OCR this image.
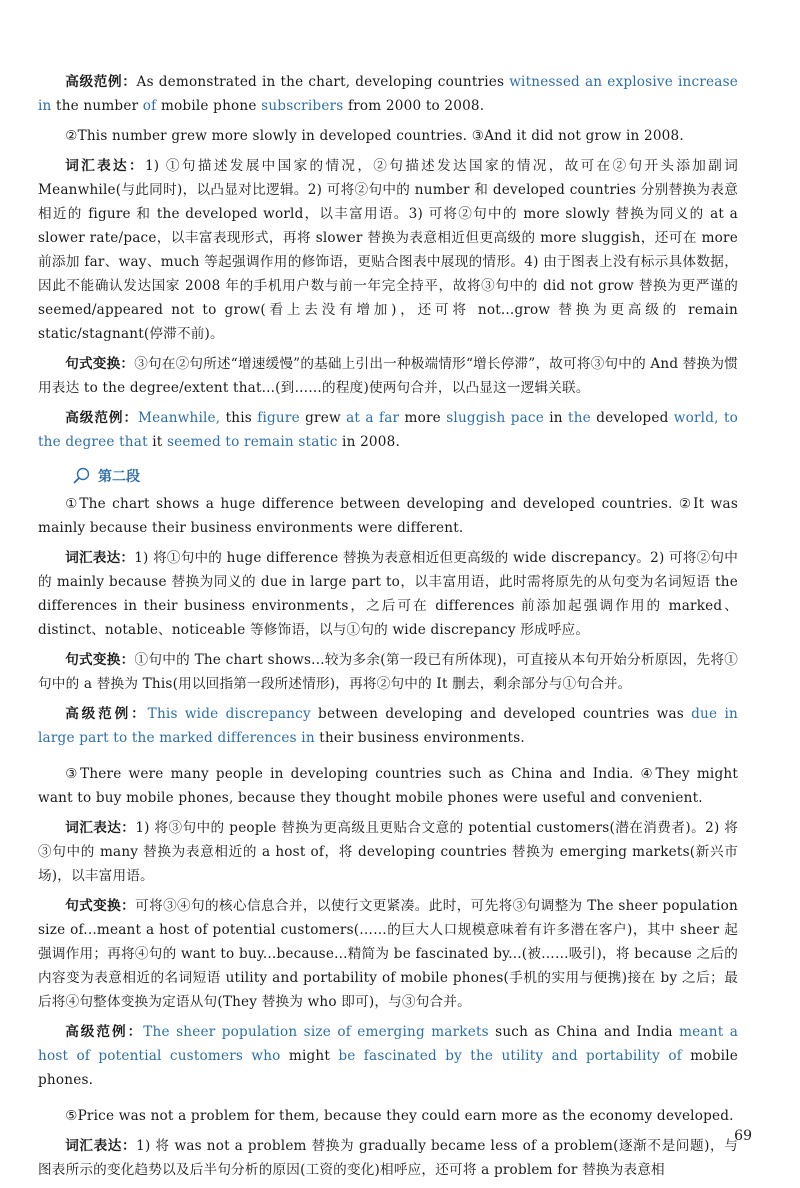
高级范例：As demonstrated in the chart, developing countries witnessed an explosive increase in the number of mobile phone subscribers from 2000 to 2008.

②This number grew more slowly in developed countries. ③And it did not grow in 2008.

词汇表达：1) ①句描述发展中国家的情况，②句描述发达国家的情况，故可在②句开头添加副词Meanwhile(与此同时)，以凸显对比逻辑。2) 可将②句中的 number 和 developed countries 分别替换为表意相近的 figure 和 the developed world，以丰富用语。3) 可将②句中的 more slowly 替换为同义的 at a slower rate/pace，以丰富表现形式，再将 slower 替换为表意相近但更高级的 more sluggish，还可在 more 前添加 far、way、much 等起强调作用的修饰语，更贴合图表中展现的情形。4) 由于图表上没有标示具体数据，因此不能确认发达国家 2008 年的手机用户数与前一年完全持平，故将③句中的 did not grow 替换为更严谨的 seemed/appeared not to grow(看上去没有增加)，还可将 not...grow 替换为更高级的 remain static/stagnant(停滞不前)。

句式变换：③句在②句所述“增速缓慢”的基础上引出一种极端情形“增长停滞”，故可将③句中的 And 替换为惯用表达 to the degree/extent that...(到……的程度)使两句合并，以凸显这一逻辑关联。

高级范例：Meanwhile, this figure grew at a far more sluggish pace in the developed world, to the degree that it seemed to remain static in 2008.

第二段

①The chart shows a huge difference between developing and developed countries. ②It was mainly because their business environments were different.

词汇表达：1) 将①句中的 huge difference 替换为表意相近但更高级的 wide discrepancy。2) 可将②句中的 mainly because 替换为同义的 due in large part to，以丰富用语，此时需将原先的从句变为名词短语 the differences in their business environments，之后可在 differences 前添加起强调作用的 marked、distinct、notable、noticeable 等修饰语，以与①句的 wide discrepancy 形成呼应。

句式变换：①句中的 The chart shows...较为多余(第一段已有所体现)，可直接从本句开始分析原因，先将①句中的 a 替换为 This(用以回指第一段所述情形)，再将②句中的 It 删去，剩余部分与①句合并。

高级范例：This wide discrepancy between developing and developed countries was due in large part to the marked differences in their business environments.

③There were many people in developing countries such as China and India. ④They might want to buy mobile phones, because they thought mobile phones were useful and convenient.

词汇表达：1) 将③句中的 people 替换为更高级且更贴合文意的 potential customers(潜在消费者)。2) 将③句中的 many 替换为表意相近的 a host of，将 developing countries 替换为 emerging markets(新兴市场)，以丰富用语。

句式变换：可将③④句的核心信息合并，以使行文更紧凑。此时，可先将③句调整为 The sheer population size of...meant a host of potential customers(……的巨大人口规模意味着有许多潜在客户)，其中 sheer 起强调作用；再将④句的 want to buy...because...精简为 be fascinated by...(被……吸引)，将 because 之后的内容变为表意相近的名词短语 utility and portability of mobile phones(手机的实用与便携)接在 by 之后；最后将④句整体变换为定语从句(They 替换为 who 即可)，与③句合并。

高级范例：The sheer population size of emerging markets such as China and India meant a host of potential customers who might be fascinated by the utility and portability of mobile phones.

⑤Price was not a problem for them, because they could earn more as the economy developed.

词汇表达：1) 将 was not a problem 替换为 gradually became less of a problem(逐渐不是问题)，与图表所示的变化趋势以及后半句分析的原因(工资的变化)相呼应，还可将 a problem for 替换为表意相

69
